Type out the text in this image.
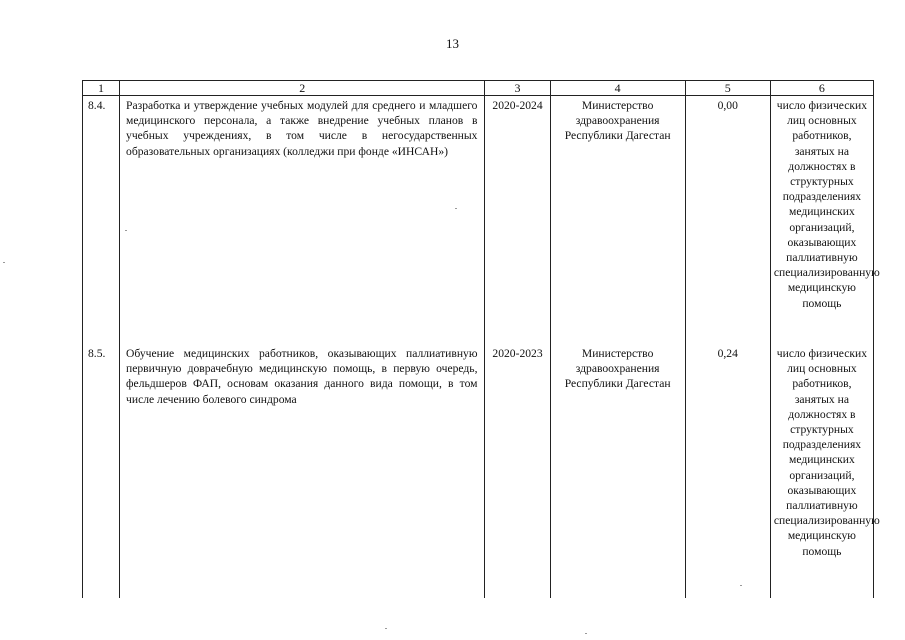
13
1	2	3	4	5	6

8.4.	Разработка и утверждение учебных модулей для среднего и младшего медицинского персонала, а также внедрение учебных планов в учебных учреждениях, в том числе в негосударственных образовательных организациях (колледжи при фонде «ИНСАН»)	2020-2024	Министерство здравоохранения Республики Дагестан	0,00	число физических лиц основных работников, занятых на должностях в структурных подразделениях медицинских организаций, оказывающих паллиативную специализированную медицинскую помощь

8.5.	Обучение медицинских работников, оказывающих паллиативную первичную доврачебную медицинскую помощь, в первую очередь, фельдшеров ФАП, основам оказания данного вида помощи, в том числе лечению болевого синдрома	2020-2023	Министерство здравоохранения Республики Дагестан	0,24	число физических лиц основных работников, занятых на должностях в структурных подразделениях медицинских организаций, оказывающих паллиативную специализированную медицинскую помощь
